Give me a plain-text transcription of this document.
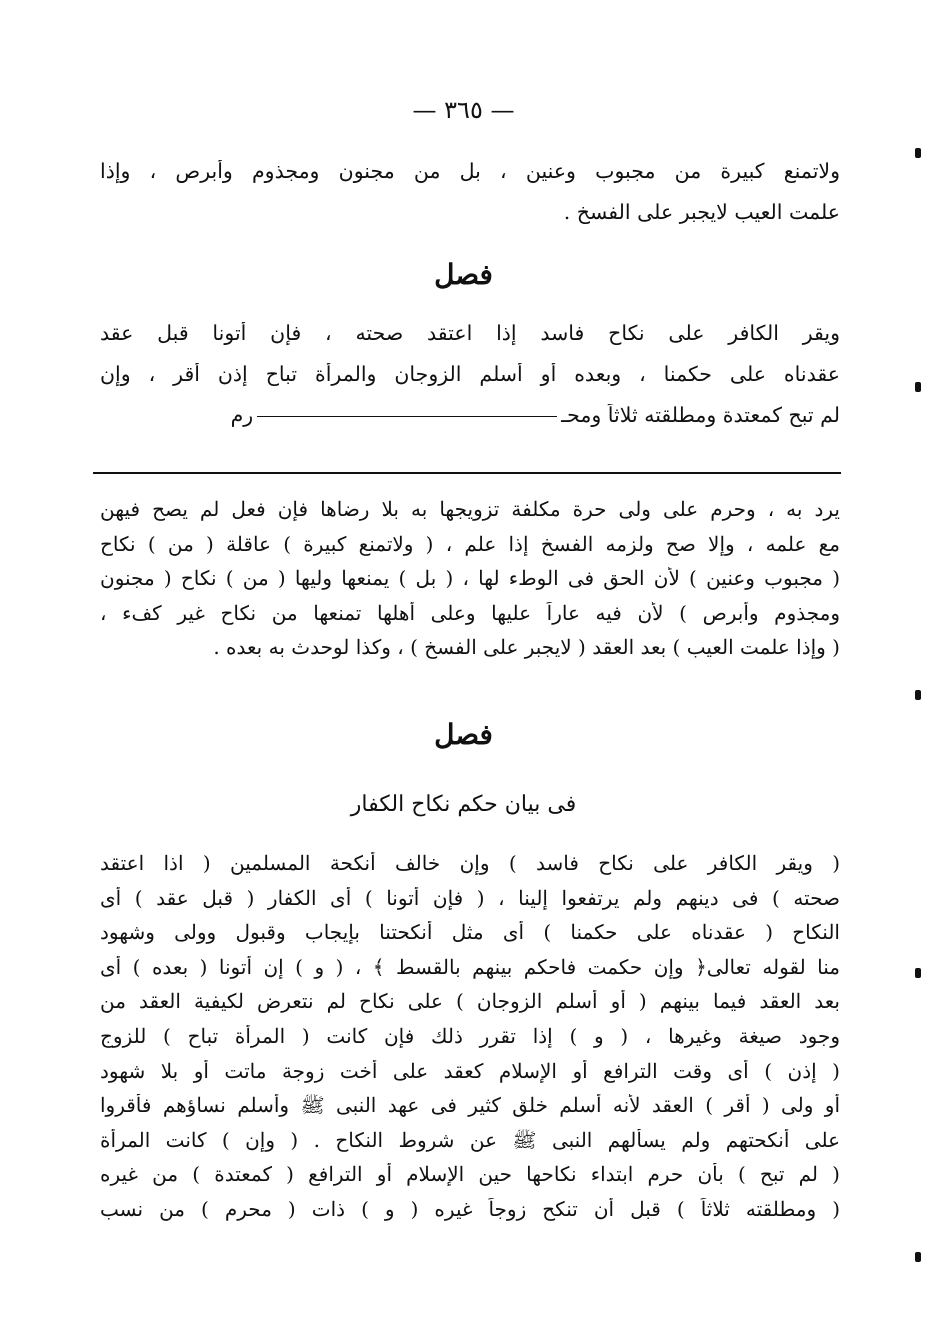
— ٣٦٥ —
ولاتمنع كبيرة من مجبوب وعنين ، بل من مجنون ومجذوم وأبرص ، وإذا
علمت العيب لايجبر على الفسخ .
فصل
ويقر الكافر على نكاح فاسد إذا اعتقد صحته ، فإن أتونا قبل عقد
عقدناه على حكمنا ، وبعده أو أسلم الزوجان والمرأة تباح إذن أقر ، وإن
لم تبح كمعتدة ومطلقته ثلاثاً ومحـرم
يرد به ، وحرم على ولى حرة مكلفة تزويجها به بلا رضاها فإن فعل لم يصح فيهن
مع علمه ، وإلا صح ولزمه الفسخ إذا علم ، ( ولاتمنع كبيرة ) عاقلة ( من ) نكاح
( مجبوب وعنين ) لأن الحق فى الوطء لها ، ( بل ) يمنعها وليها ( من ) نكاح ( مجنون
ومجذوم وأبرص ) لأن فيه عاراً عليها وعلى أهلها تمنعها من نكاح غير كفء ،
( وإذا علمت العيب ) بعد العقد ( لايجبر على الفسخ ) ، وكذا لوحدث به بعده .
فصل
فى بيان حكم نكاح الكفار
( ويقر الكافر على نكاح فاسد ) وإن خالف أنكحة المسلمين ( اذا اعتقد
صحته ) فى دينهم ولم يرتفعوا إلينا ، ( فإن أتونا ) أى الكفار ( قبل عقد ) أى
النكاح ( عقدناه على حكمنا ) أى مثل أنكحتنا بإيجاب وقبول وولى وشهود
منا لقوله تعالى﴿ وإن حكمت فاحكم بينهم بالقسط ﴾ ، ( و ) إن أتونا ( بعده ) أى
بعد العقد فيما بينهم ( أو أسلم الزوجان ) على نكاح لم نتعرض لكيفية العقد من
وجود صيغة وغيرها ، ( و ) إذا تقرر ذلك فإن كانت ( المرأة تباح ) للزوج
( إذن ) أى وقت الترافع أو الإسلام كعقد على أخت زوجة ماتت أو بلا شهود
أو ولى ( أقر ) العقد لأنه أسلم خلق كثير فى عهد النبى ﷺ وأسلم نساؤهم فأقروا
على أنكحتهم ولم يسألهم النبى ﷺ عن شروط النكاح . ( وإن ) كانت المرأة
( لم تبح ) بأن حرم ابتداء نكاحها حين الإسلام أو الترافع ( كمعتدة ) من غيره
( ومطلقته ثلاثاً ) قبل أن تنكح زوجاً غيره ( و ) ذات ( محرم ) من نسب
